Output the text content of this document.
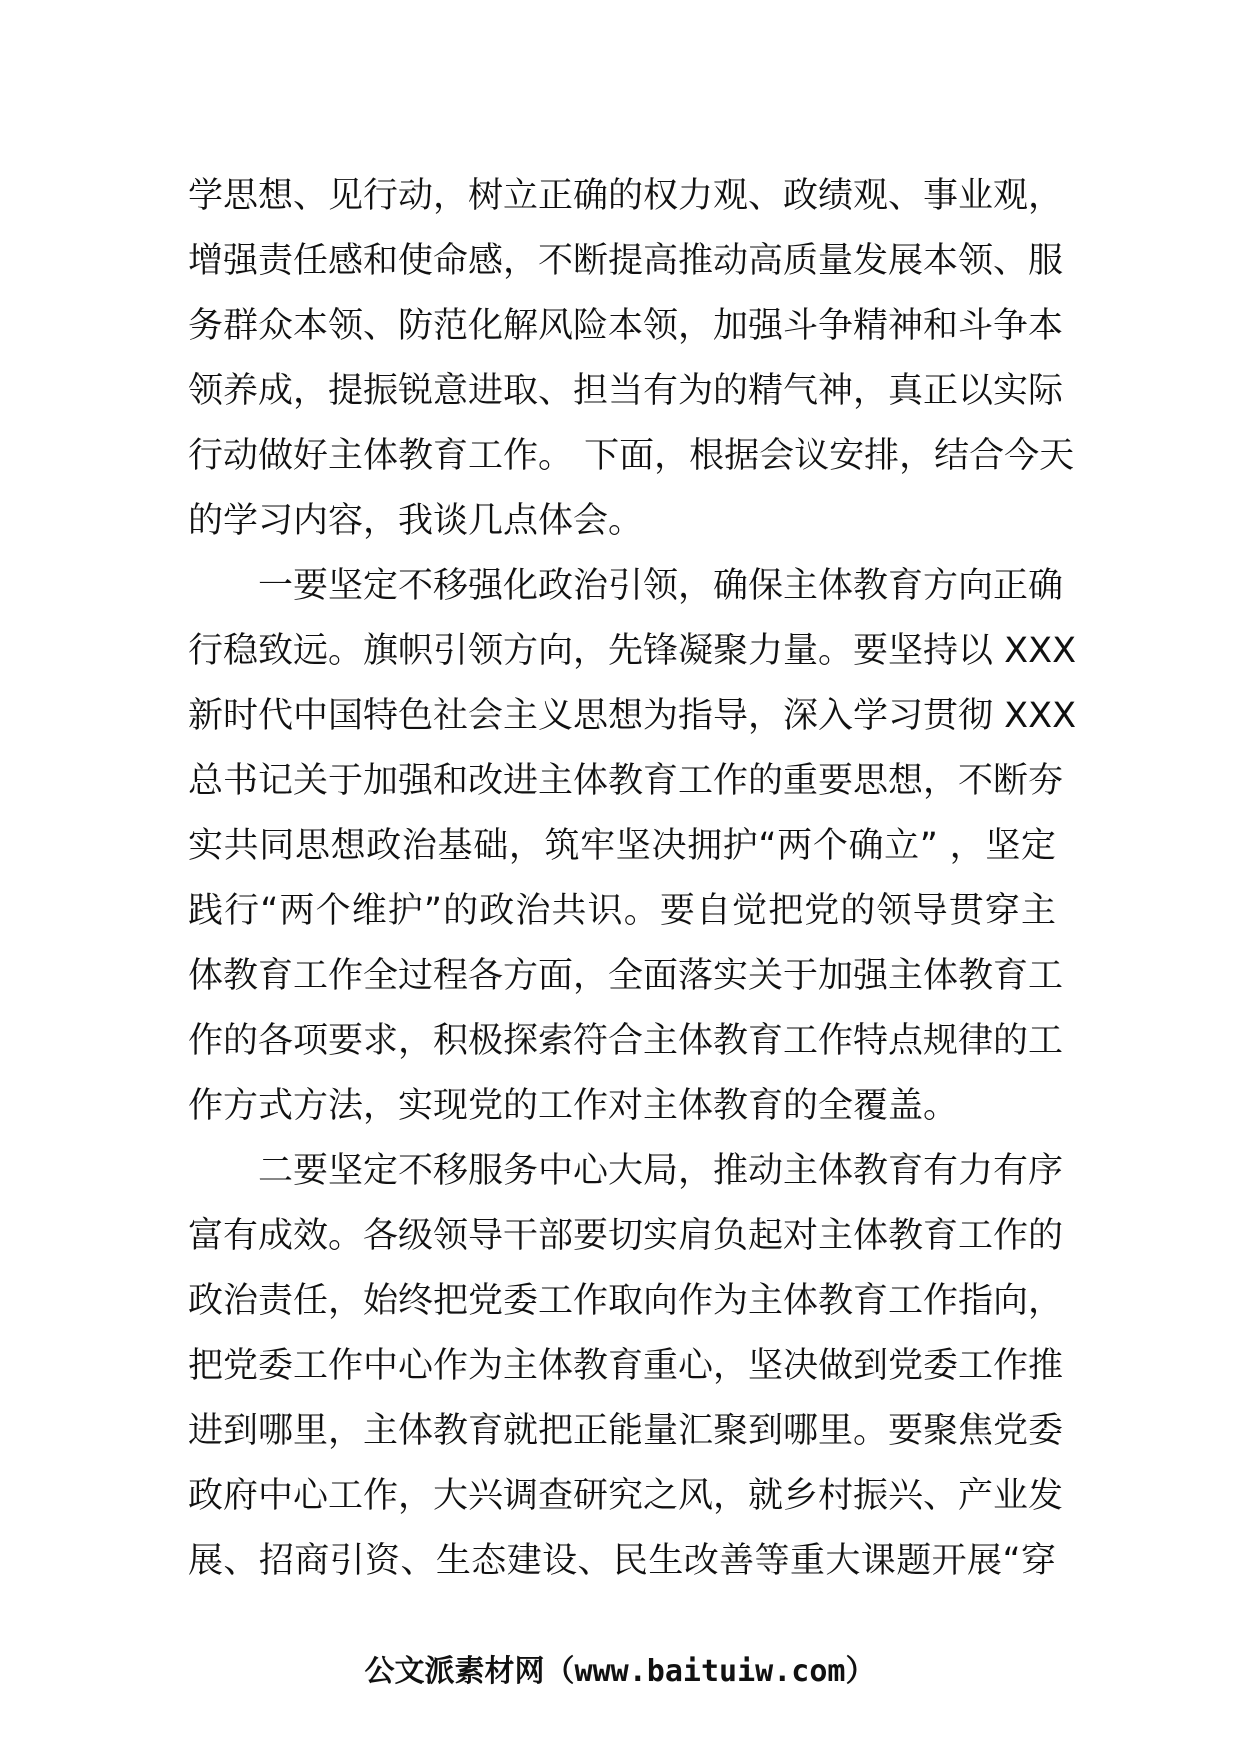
学思想、见行动，树立正确的权力观、政绩观、事业观，
增强责任感和使命感，不断提高推动高质量发展本领、服
务群众本领、防范化解风险本领，加强斗争精神和斗争本
领养成，提振锐意进取、担当有为的精气神，真正以实际
行动做好主体教育工作。 下面，根据会议安排，结合今天
的学习内容，我谈几点体会。
一要坚定不移强化政治引领，确保主体教育方向正确
行稳致远。旗帜引领方向，先锋凝聚力量。要坚持以 XXX
新时代中国特色社会主义思想为指导，深入学习贯彻 XXX
总书记关于加强和改进主体教育工作的重要思想，不断夯
实共同思想政治基础，筑牢坚决拥护“两个确立” ，坚定
践行“两个维护”的政治共识。要自觉把党的领导贯穿主
体教育工作全过程各方面，全面落实关于加强主体教育工
作的各项要求，积极探索符合主体教育工作特点规律的工
作方式方法，实现党的工作对主体教育的全覆盖。
二要坚定不移服务中心大局，推动主体教育有力有序
富有成效。各级领导干部要切实肩负起对主体教育工作的
政治责任，始终把党委工作取向作为主体教育工作指向，
把党委工作中心作为主体教育重心，坚决做到党委工作推
进到哪里，主体教育就把正能量汇聚到哪里。要聚焦党委
政府中心工作，大兴调查研究之风，就乡村振兴、产业发
展、招商引资、生态建设、民生改善等重大课题开展“穿
公文派素材网（www.baituiw.com）
